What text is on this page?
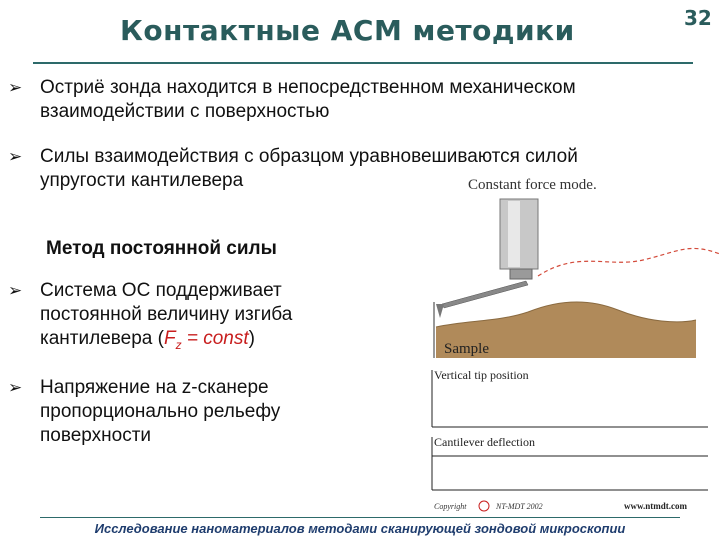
Контактные АСМ методики	32
➢ Остриё зонда находится в непосредственном механическом
взаимодействии с поверхностью
➢ Силы взаимодействия с образцом уравновешиваются силой
упругости кантилевера
Метод постоянной силы
➢ Система ОС поддерживает
постоянной величину изгиба
кантилевера ($F_z$ = const)
➢ Напряжение на z-сканере
пропорционально рельефу
поверхности
Constant force mode.
Sample
Vertical tip position
Cantilever deflection
Copyright	NT-MDT 2002	www.ntmdt.com
Исследование наноматериалов методами сканирующей зондовой микроскопии
